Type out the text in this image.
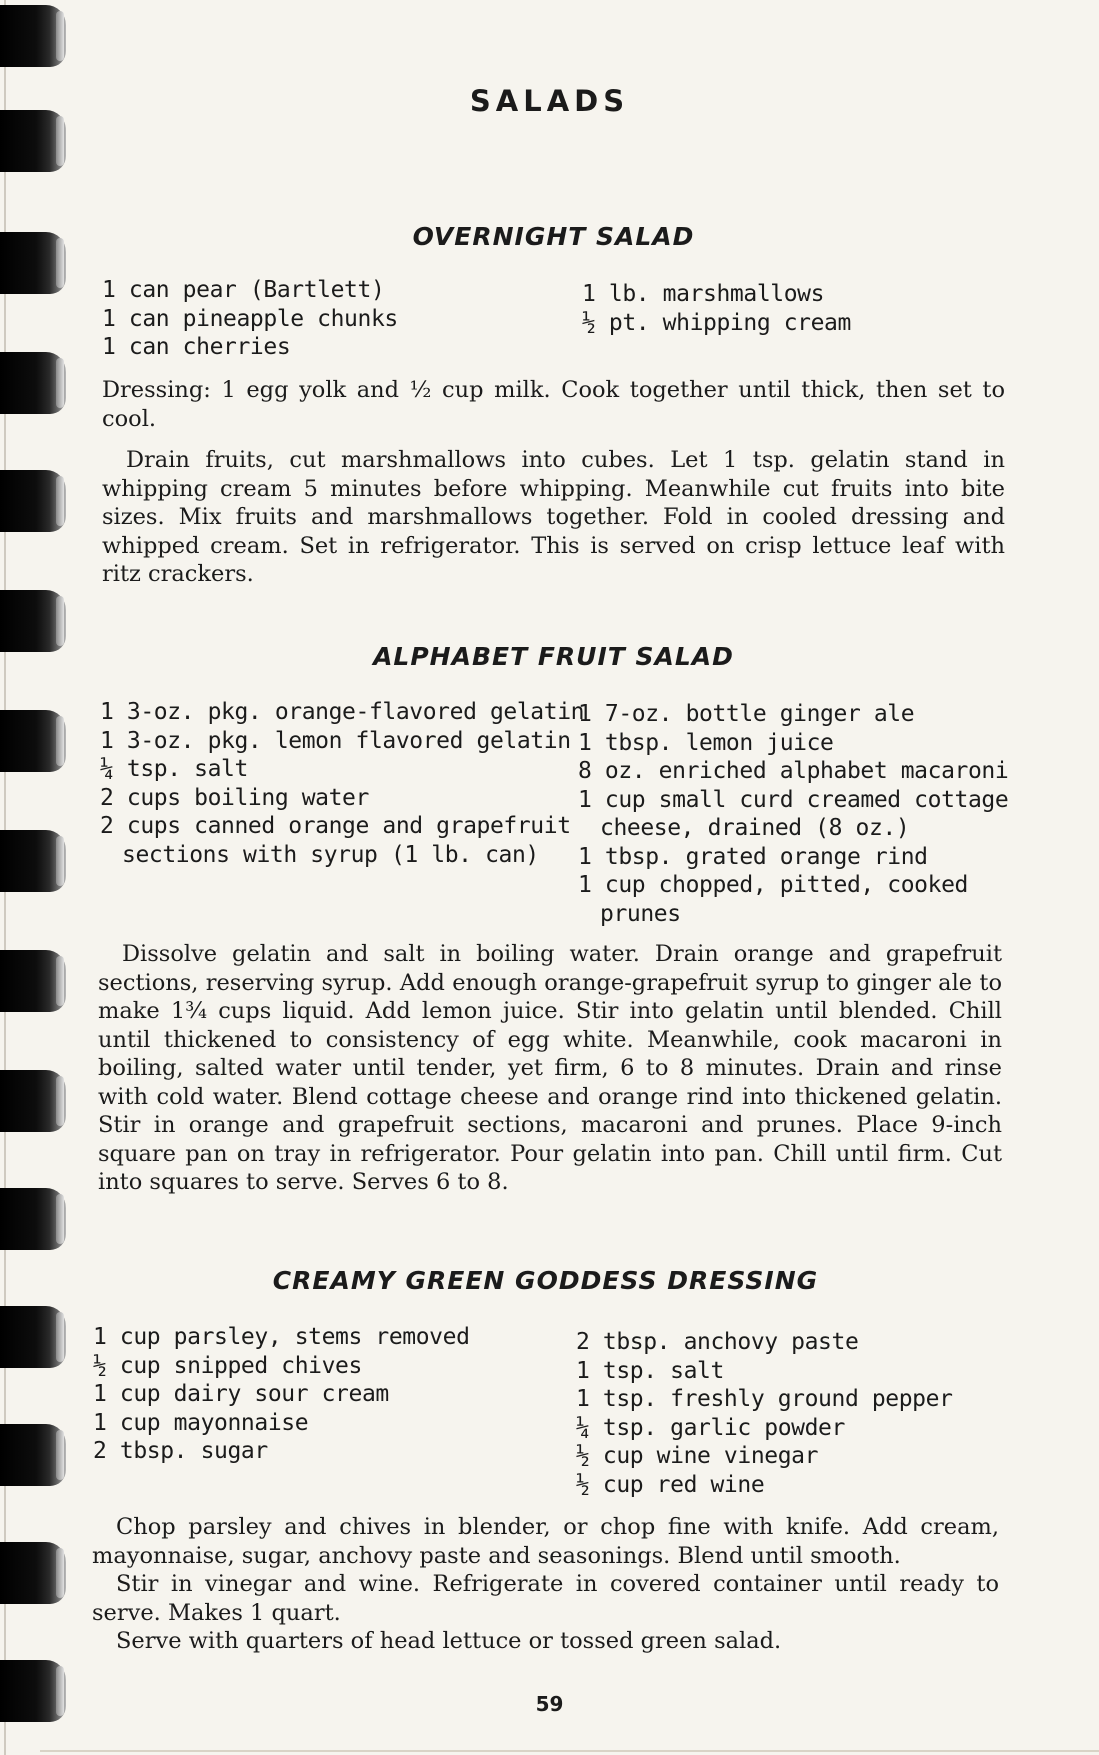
SALADS
OVERNIGHT SALAD
1 can pear (Bartlett)
1 can pineapple chunks
1 can cherries
1 lb. marshmallows
½ pt. whipping cream
Dressing: 1 egg yolk and ½ cup milk. Cook together until thick, then set to cool.
Drain fruits, cut marshmallows into cubes. Let 1 tsp. gelatin stand in whipping cream 5 minutes before whipping. Meanwhile cut fruits into bite sizes. Mix fruits and marshmallows together. Fold in cooled dressing and whipped cream. Set in refrigerator. This is served on crisp lettuce leaf with ritz crackers.
ALPHABET FRUIT SALAD
1 3-oz. pkg. orange-flavored gelatin
1 3-oz. pkg. lemon flavored gelatin
¼ tsp. salt
2 cups boiling water
2 cups canned orange and grapefruit
sections with syrup (1 lb. can)
1 7-oz. bottle ginger ale
1 tbsp. lemon juice
8 oz. enriched alphabet macaroni
1 cup small curd creamed cottage
cheese, drained (8 oz.)
1 tbsp. grated orange rind
1 cup chopped, pitted, cooked
prunes
Dissolve gelatin and salt in boiling water. Drain orange and grapefruit sections, reserving syrup. Add enough orange-grapefruit syrup to ginger ale to make 1¾ cups liquid. Add lemon juice. Stir into gelatin until blended. Chill until thickened to consistency of egg white. Meanwhile, cook macaroni in boiling, salted water until tender, yet firm, 6 to 8 minutes. Drain and rinse with cold water. Blend cottage cheese and orange rind into thickened gelatin. Stir in orange and grapefruit sections, macaroni and prunes. Place 9-inch square pan on tray in refrigerator. Pour gelatin into pan. Chill until firm. Cut into squares to serve. Serves 6 to 8.
CREAMY GREEN GODDESS DRESSING
1 cup parsley, stems removed
½ cup snipped chives
1 cup dairy sour cream
1 cup mayonnaise
2 tbsp. sugar
2 tbsp. anchovy paste
1 tsp. salt
1 tsp. freshly ground pepper
¼ tsp. garlic powder
½ cup wine vinegar
½ cup red wine
Chop parsley and chives in blender, or chop fine with knife. Add cream, mayonnaise, sugar, anchovy paste and seasonings. Blend until smooth.
Stir in vinegar and wine. Refrigerate in covered container until ready to serve. Makes 1 quart.
Serve with quarters of head lettuce or tossed green salad.
59
